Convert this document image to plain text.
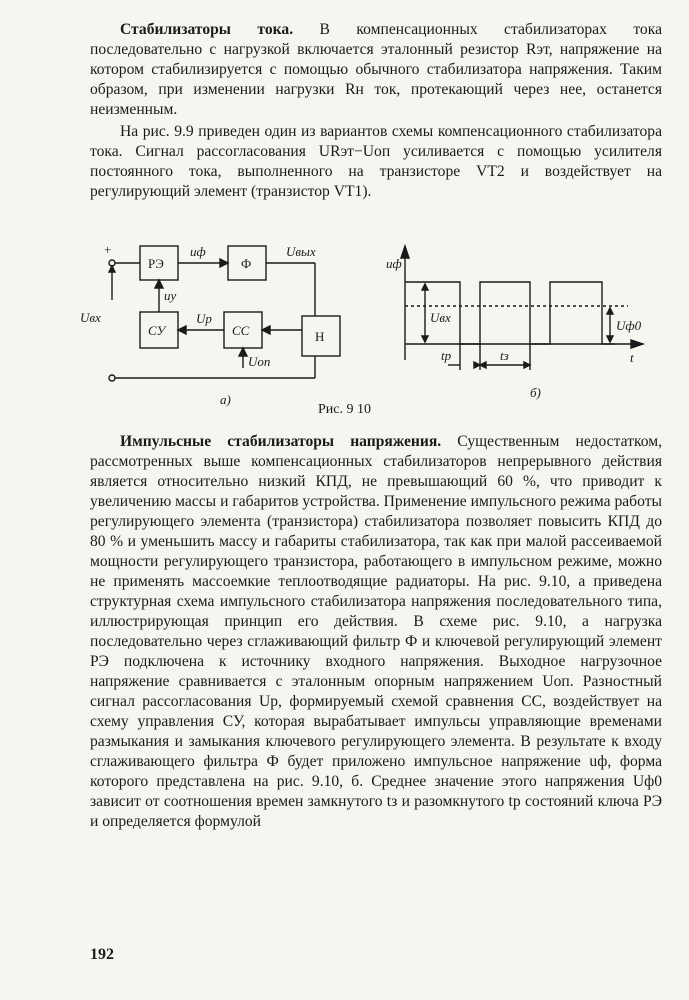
Стабилизаторы тока. В компенсационных стабилизаторах тока последовательно с нагрузкой включается эталонный резистор Rэт, напряжение на котором стабилизируется с помощью обычного стабилизатора напряжения. Таким образом, при изменении нагрузки Rн ток, протекающий через нее, останется неизменным.

На рис. 9.9 приведен один из вариантов схемы компенсационного стабилизатора тока. Сигнал рассогласования URэт−Uоп усиливается с помощью усилителя постоянного тока, выполненного на транзисторе VT2 и воздействует на регулирующий элемент (транзистор VT1).

+
Uвх
РЭ	Ф
uф	Uвых
uу
СУ	СС
Uр
Н
Uоп
а)
uф
Uвх
Uф0
tр	tз	t
б)
Рис. 9 10

Импульсные стабилизаторы напряжения. Существенным недостатком, рассмотренных выше компенсационных стабилизаторов непрерывного действия является относительно низкий КПД, не превышающий 60 %, что приводит к увеличению массы и габаритов устройства. Применение импульсного режима работы регулирующего элемента (транзистора) стабилизатора позволяет повысить КПД до 80 % и уменьшить массу и габариты стабилизатора, так как при малой рассеиваемой мощности регулирующего транзистора, работающего в импульсном режиме, можно не применять массоемкие теплоотводящие радиаторы. На рис. 9.10, а приведена структурная схема импульсного стабилизатора напряжения последовательного типа, иллюстрирующая принцип его действия. В схеме рис. 9.10, а нагрузка последовательно через сглаживающий фильтр Ф и ключевой регулирующий элемент РЭ подключена к источнику входного напряжения. Выходное нагрузочное напряжение сравнивается с эталонным опорным напряжением Uоп. Разностный сигнал рассогласования Uр, формируемый схемой сравнения СС, воздействует на схему управления СУ, которая вырабатывает импульсы управляющие временами размыкания и замыкания ключевого регулирующего элемента. В результате к входу сглаживающего фильтра Ф будет приложено импульсное напряжение uф, форма которого представлена на рис. 9.10, б. Среднее значение этого напряжения Uф0 зависит от соотношения времен замкнутого tз и разомкнутого tр состояний ключа РЭ и определяется формулой

192
